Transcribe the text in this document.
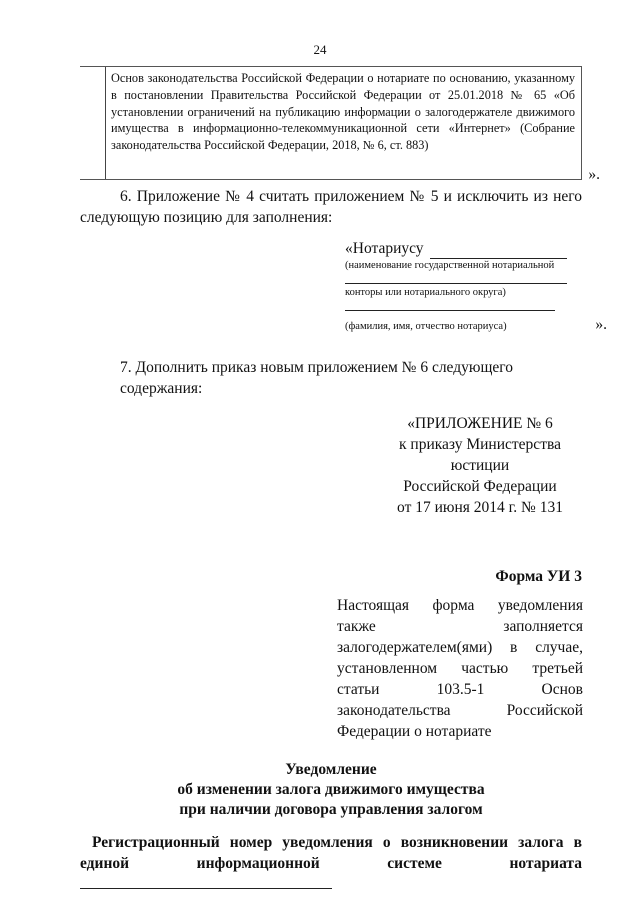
24
Основ законодательства Российской Федерации о нотариате по основанию, указанному в постановлении Правительства Российской Федерации от 25.01.2018 № 65 «Об установлении ограничений на публикацию информации о залогодержателе движимого имущества в информационно-телекоммуникационной сети «Интернет» (Собрание законодательства Российской Федерации, 2018, № 6, ст. 883)
».
6. Приложение № 4 считать приложением № 5 и исключить из него следующую позицию для заполнения:
«Нотариусу
(наименование государственной нотариальной
конторы или нотариального округа)
(фамилия, имя, отчество нотариуса)	».
7. Дополнить приказ новым приложением № 6 следующего содержания:
«ПРИЛОЖЕНИЕ № 6
к приказу Министерства юстиции
Российской Федерации
от 17 июня 2014 г. № 131
Форма УИ 3
Настоящая форма уведомления также заполняется залогодержателем(ями) в случае, установленном частью третьей статьи 103.5-1 Основ законодательства Российской Федерации о нотариате
Уведомление
об изменении залога движимого имущества
при наличии договора управления залогом
Регистрационный номер уведомления о возникновении залога в единой информационной системе нотариата
